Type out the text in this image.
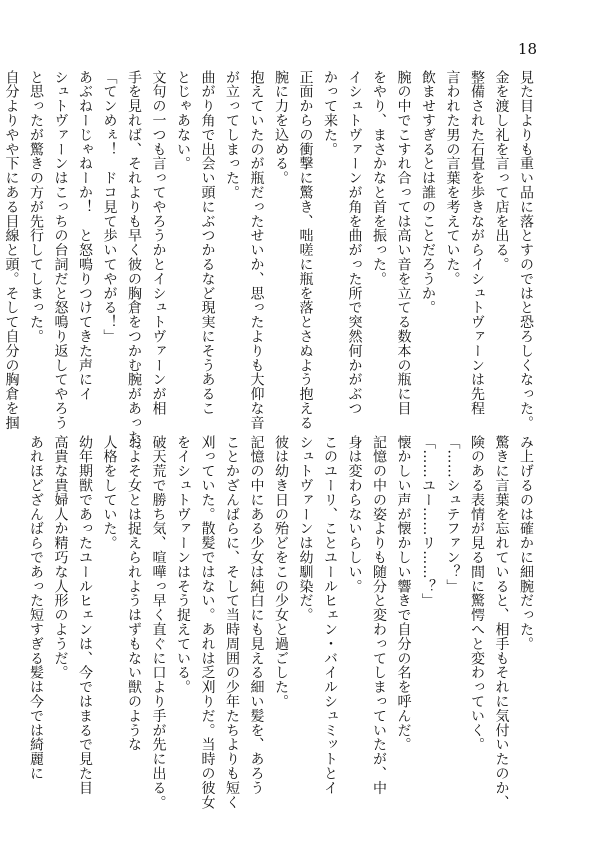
18
見た目よりも重い品に落とすのではと恐ろしくなった。
金を渡し礼を言って店を出る。
整備された石畳を歩きながらイシュトヴァーンは先程
言われた男の言葉を考えていた。
飲ませすぎるとは誰のことだろうか。
腕の中でこすれ合っては高い音を立てる数本の瓶に目
をやり、まさかなと首を振った。
イシュトヴァーンが角を曲がった所で突然何かがぶつ
かって来た。
正面からの衝撃に驚き、咄嗟に瓶を落とさぬよう抱える
腕に力を込める。
抱えていたのが瓶だったせいか、思ったよりも大仰な音
が立ってしまった。
曲がり角で出会い頭にぶつかるなど現実にそうあるこ
とじゃあない。
文句の一つも言ってやろうかとイシュトヴァーンが相
手を見れば、それよりも早く彼の胸倉をつかむ腕があった。
「てンめぇ！　ドコ見て歩いてやがる！」
あぶねーじゃねーか！　と怒鳴りつけてきた声にイ
シュトヴァーンはこっちの台詞だと怒鳴り返してやろう
と思ったが驚きの方が先行してしまった。
自分よりやや下にある目線と頭。そして自分の胸倉を掴
み上げるのは確かに細腕だった。
驚きに言葉を忘れていると、相手もそれに気付いたのか、
険のある表情が見る間に驚愕へと変わっていく。
「……シュテファン？」
「……ユー……リ……？」
懐かしい声が懐かしい響きで自分の名を呼んだ。
記憶の中の姿よりも随分と変わってしまっていたが、中
身は変わらないらしい。
このユーリ、ことユールヒェン・バイルシュミットとイ
シュトヴァーンは幼馴染だ。
彼は幼き日の殆どをこの少女と過ごした。
記憶の中にある少女は純白にも見える細い髪を、あろう
ことかざんばらに、そして当時周囲の少年たちよりも短く
刈っていた。散髪ではない。あれは乏刈りだ。当時の彼女
をイシュトヴァーンはそう捉えている。
破天荒で勝ち気、喧嘩っ早く直ぐに口より手が先に出る。
およそ女とは捉えられようはずもない獣のような
人格をしていた。
幼年期獣であったユールヒェンは、今ではまるで見た目
高貴な貴婦人か精巧な人形のようだ。
あれほどざんばらであった短すぎる髪は今では綺麗に
